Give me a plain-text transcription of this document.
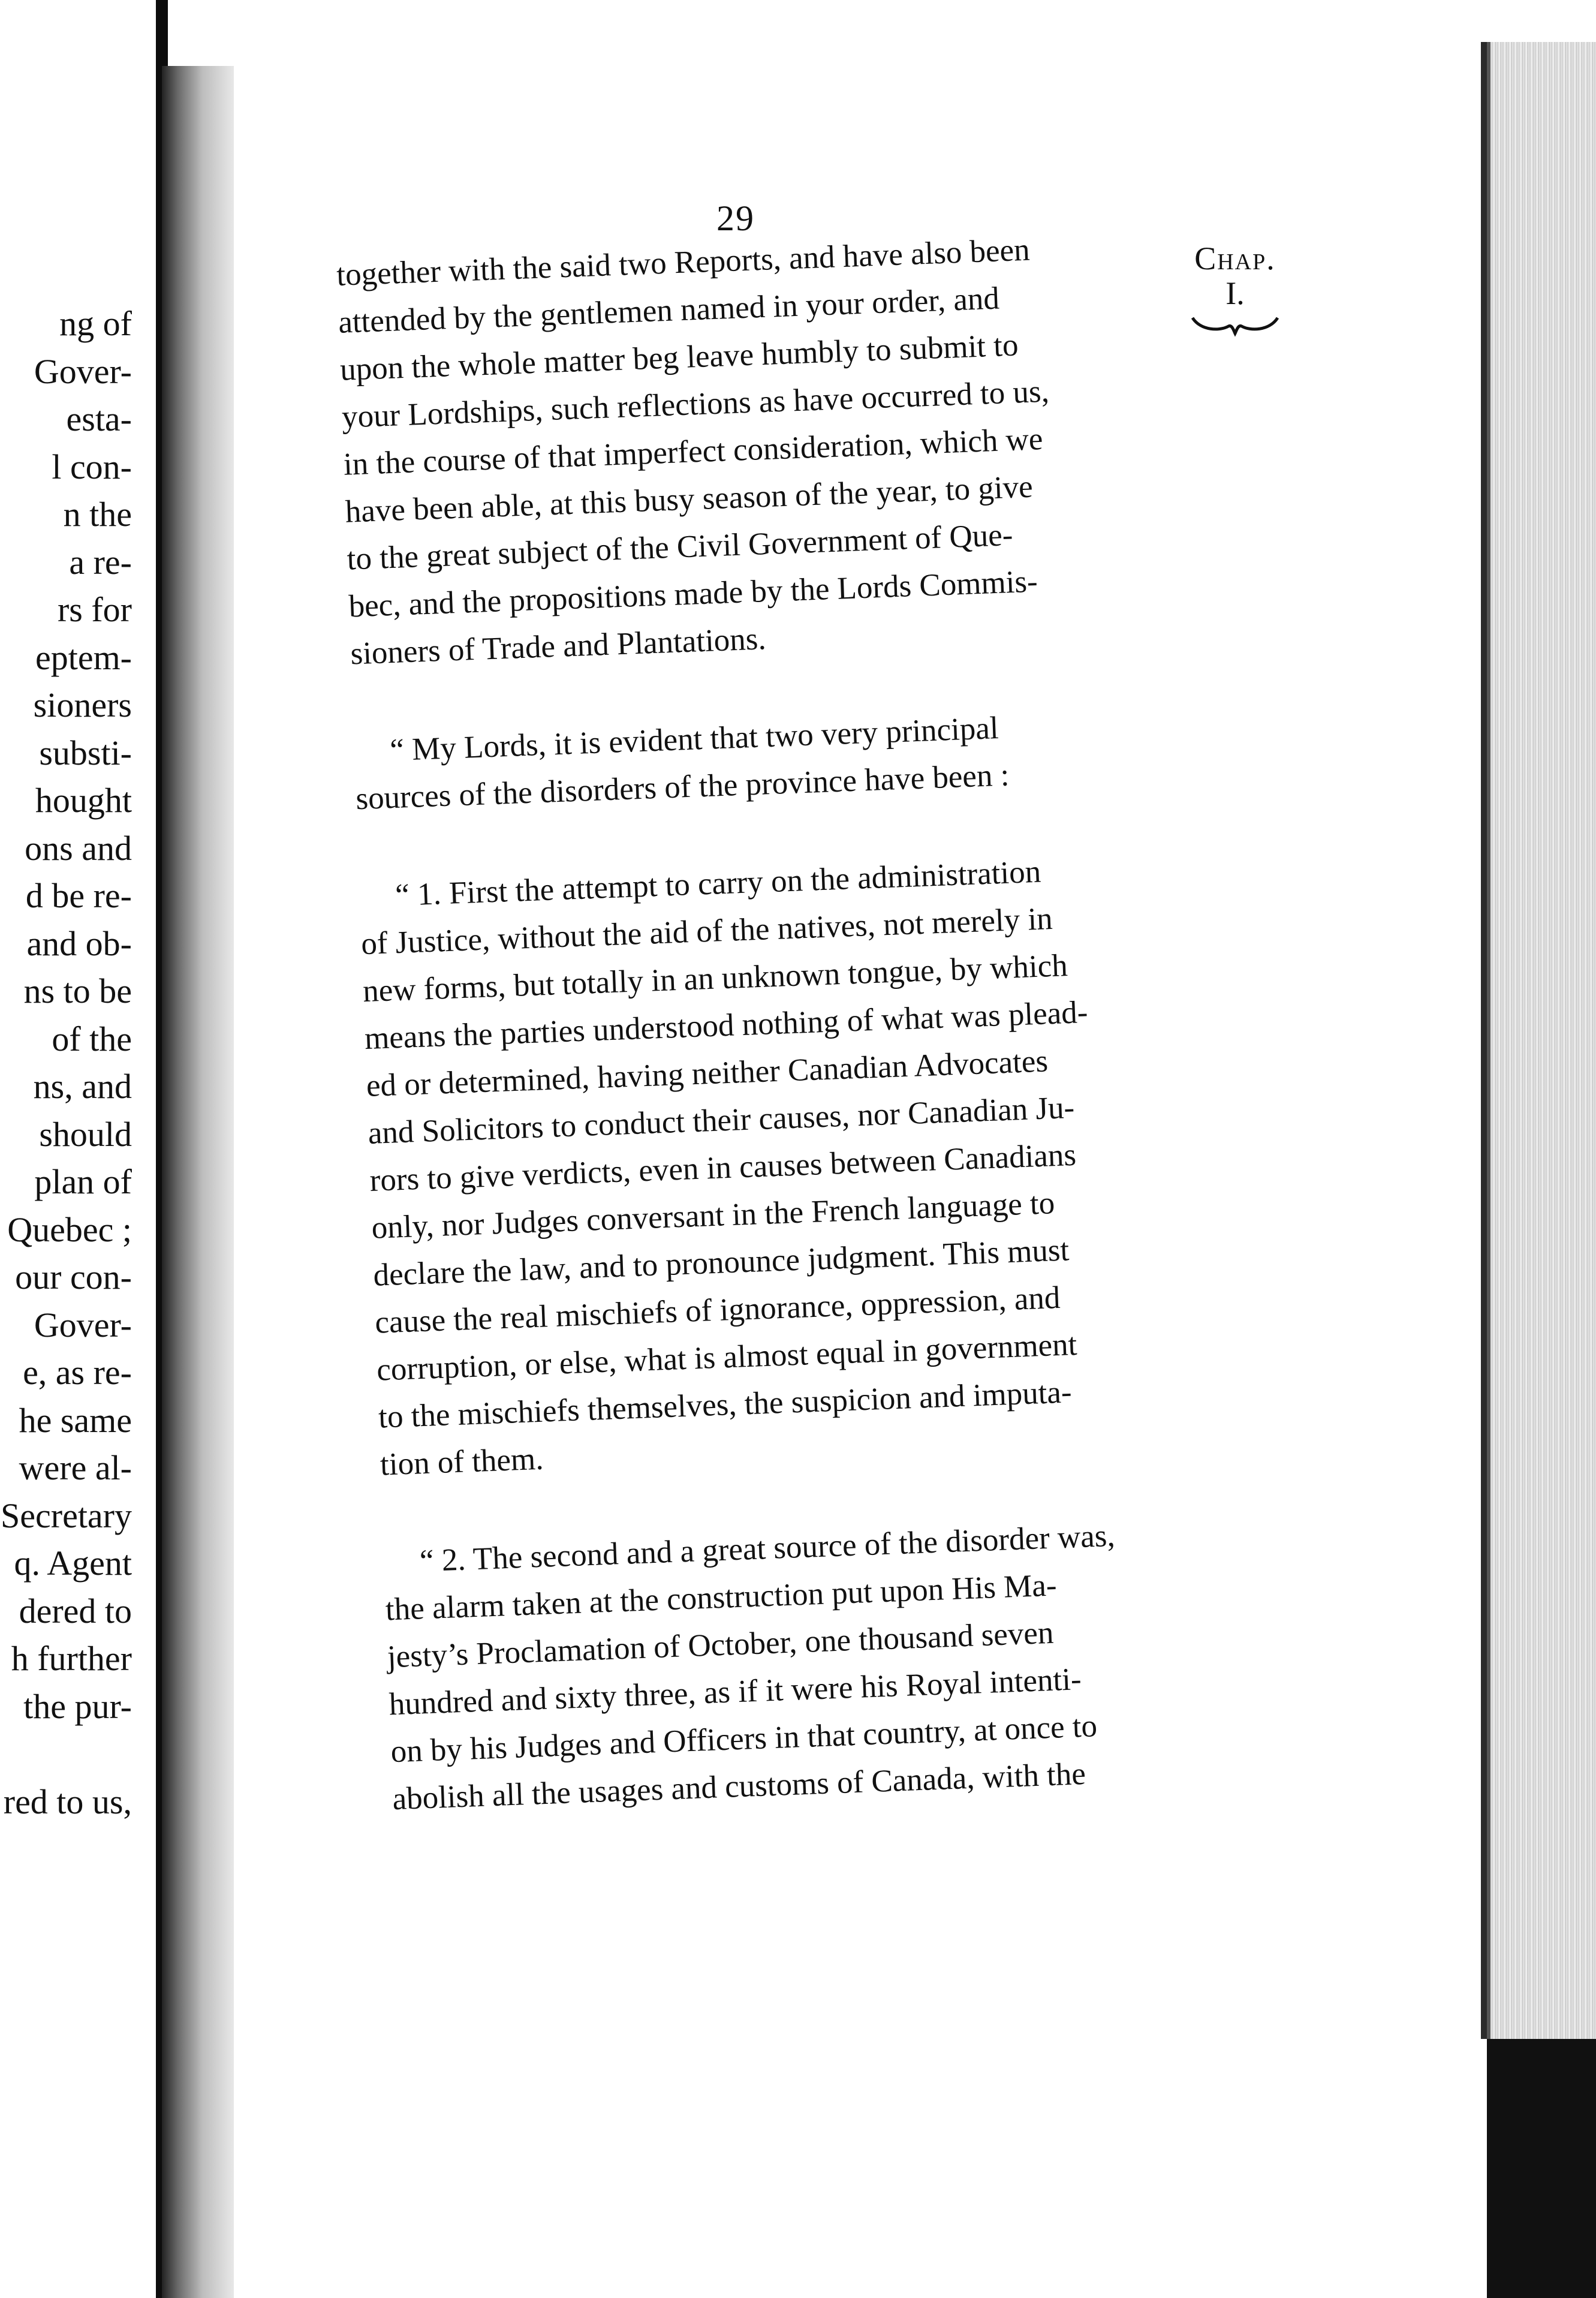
ng of
Gover-
esta-
l con-
n the
a re-
rs for
eptem-
sioners
substi-
hought
ons and
d be re-
and ob-
ns to be
of the
ns, and
should
plan of
Quebec ;
our con-
Gover-
e, as re-
he same
were al-
Secretary
q. Agent
dered to
h further
the pur-

red to us,
29
Chap.
I.
together with the said two Reports, and have also been
attended by the gentlemen named in your order, and
upon the whole matter beg leave humbly to submit to
your Lordships, such reflections as have occurred to us,
in the course of that imperfect consideration, which we
have been able, at this busy season of the year, to give
to the great subject of the Civil Government of Que-
bec, and the propositions made by the Lords Commis-
sioners of Trade and Plantations.
“ My Lords, it is evident that two very principal
sources of the disorders of the province have been :
“ 1. First the attempt to carry on the administration
of Justice, without the aid of the natives, not merely in
new forms, but totally in an unknown tongue, by which
means the parties understood nothing of what was plead-
ed or determined, having neither Canadian Advocates
and Solicitors to conduct their causes, nor Canadian Ju-
rors to give verdicts, even in causes between Canadians
only, nor Judges conversant in the French language to
declare the law, and to pronounce judgment. This must
cause the real mischiefs of ignorance, oppression, and
corruption, or else, what is almost equal in government
to the mischiefs themselves, the suspicion and imputa-
tion of them.
“ 2. The second and a great source of the disorder was,
the alarm taken at the construction put upon His Ma-
jesty’s Proclamation of October, one thousand seven
hundred and sixty three, as if it were his Royal intenti-
on by his Judges and Officers in that country, at once to
abolish all the usages and customs of Canada, with the
